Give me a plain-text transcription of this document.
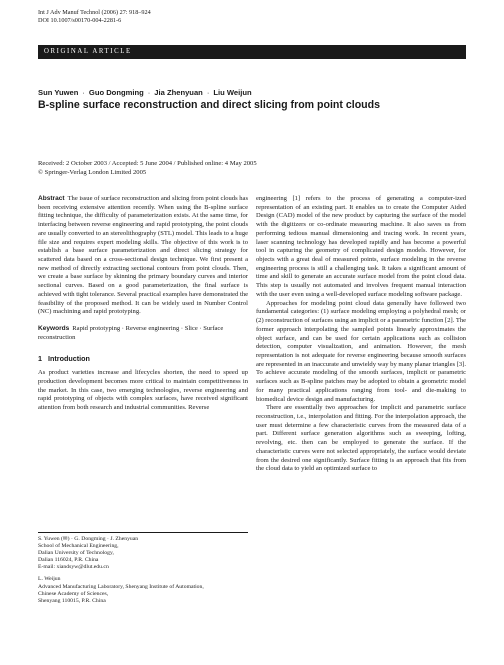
Int J Adv Manuf Technol (2006) 27: 918–924
DOI 10.1007/s00170-004-2281-6
ORIGINAL ARTICLE
Sun Yuwen · Guo Dongming · Jia Zhenyuan · Liu Weijun
B-spline surface reconstruction and direct slicing from point clouds
Received: 2 October 2003 / Accepted: 5 June 2004 / Published online: 4 May 2005
© Springer-Verlag London Limited 2005

Abstract The issue of surface reconstruction and slicing from point clouds has been receiving extensive attention recently. When using the B-spline surface fitting technique, the difficulty of parameterization exists. At the same time, for interfacing between reverse engineering and rapid prototyping, the point clouds are usually converted to an stereolithography (STL) model. This leads to a huge file size and requires expert modeling skills. The objective of this work is to establish a base surface parameterization and direct slicing strategy for scattered data based on a cross-sectional design technique. We first present a new method of directly extracting sectional contours from point clouds. Then, we create a base surface by skinning the primary boundary curves and interior sectional curves. Based on a good parameterization, the final surface is achieved with tight tolerance. Several practical examples have demonstrated the feasibility of the proposed method. It can be widely used in Number Control (NC) machining and rapid prototyping.

Keywords Rapid prototyping · Reverse engineering · Slice · Surface reconstruction

1 Introduction

As product varieties increase and lifecycles shorten, the need to speed up production development becomes more critical to maintain competitiveness in the market. In this case, two emerging technologies, reverse engineering and rapid prototyping of objects with complex surfaces, have received significant attention from both research and industrial communities. Reverse

S. Yuwen (✉) · G. Dongming · J. Zhenyuan

School of Mechanical Engineering,

Dalian University of Technology,

Dalian 116024, P.R. China

E-mail: xiandsyw@dlut.edu.cn

L. Weijun

Advanced Manufacturing Laboratory, Shenyang Institute of Automation,

Chinese Academy of Sciences,

Shenyang 110015, P.R. China

engineering [1] refers to the process of generating a computer-ized representation of an existing part. It enables us to create the Computer Aided Design (CAD) model of the new product by capturing the surface of the model with the digitizers or co-ordinate measuring machine. It also saves us from performing tedious manual dimensioning and tracing work. In recent years, laser scanning technology has developed rapidly and has become a powerful tool in capturing the geometry of complicated design models. However, for objects with a great deal of measured points, surface modeling in the reverse engineering process is still a challenging task. It takes a significant amount of time and skill to generate an accurate surface model from the point cloud data. This step is usually not automated and involves frequent manual interaction with the user even using a well-developed surface modeling software package.

Approaches for modeling point cloud data generally have followed two fundamental categories: (1) surface modeling employing a polyhedral mesh; or (2) reconstruction of surfaces using an implicit or a parametric function [2]. The former approach interpolating the sampled points linearly approximates the object surface, and can be used for certain applications such as collision detection, computer visualization, and animation. However, the mesh representation is not adequate for reverse engineering because smooth surfaces are represented in an inaccurate and unwieldy way by many planar triangles [3]. To achieve accurate modeling of the smooth surfaces, implicit or parametric surfaces such as B-spline patches may be adopted to obtain a geometric model for many practical applications ranging from tool- and die-making to biomedical device design and manufacturing.

There are essentially two approaches for implicit and parametric surface reconstruction, i.e., interpolation and fitting. For the interpolation approach, the user must determine a few characteristic curves from the measured data of a part. Different surface generation algorithms such as sweeping, lofting, revolving, etc. then can be employed to generate the surface. If the characteristic curves were not selected appropriately, the surface would deviate from the desired one significantly. Surface fitting is an approach that fits from the cloud data to yield an optimized surface to
